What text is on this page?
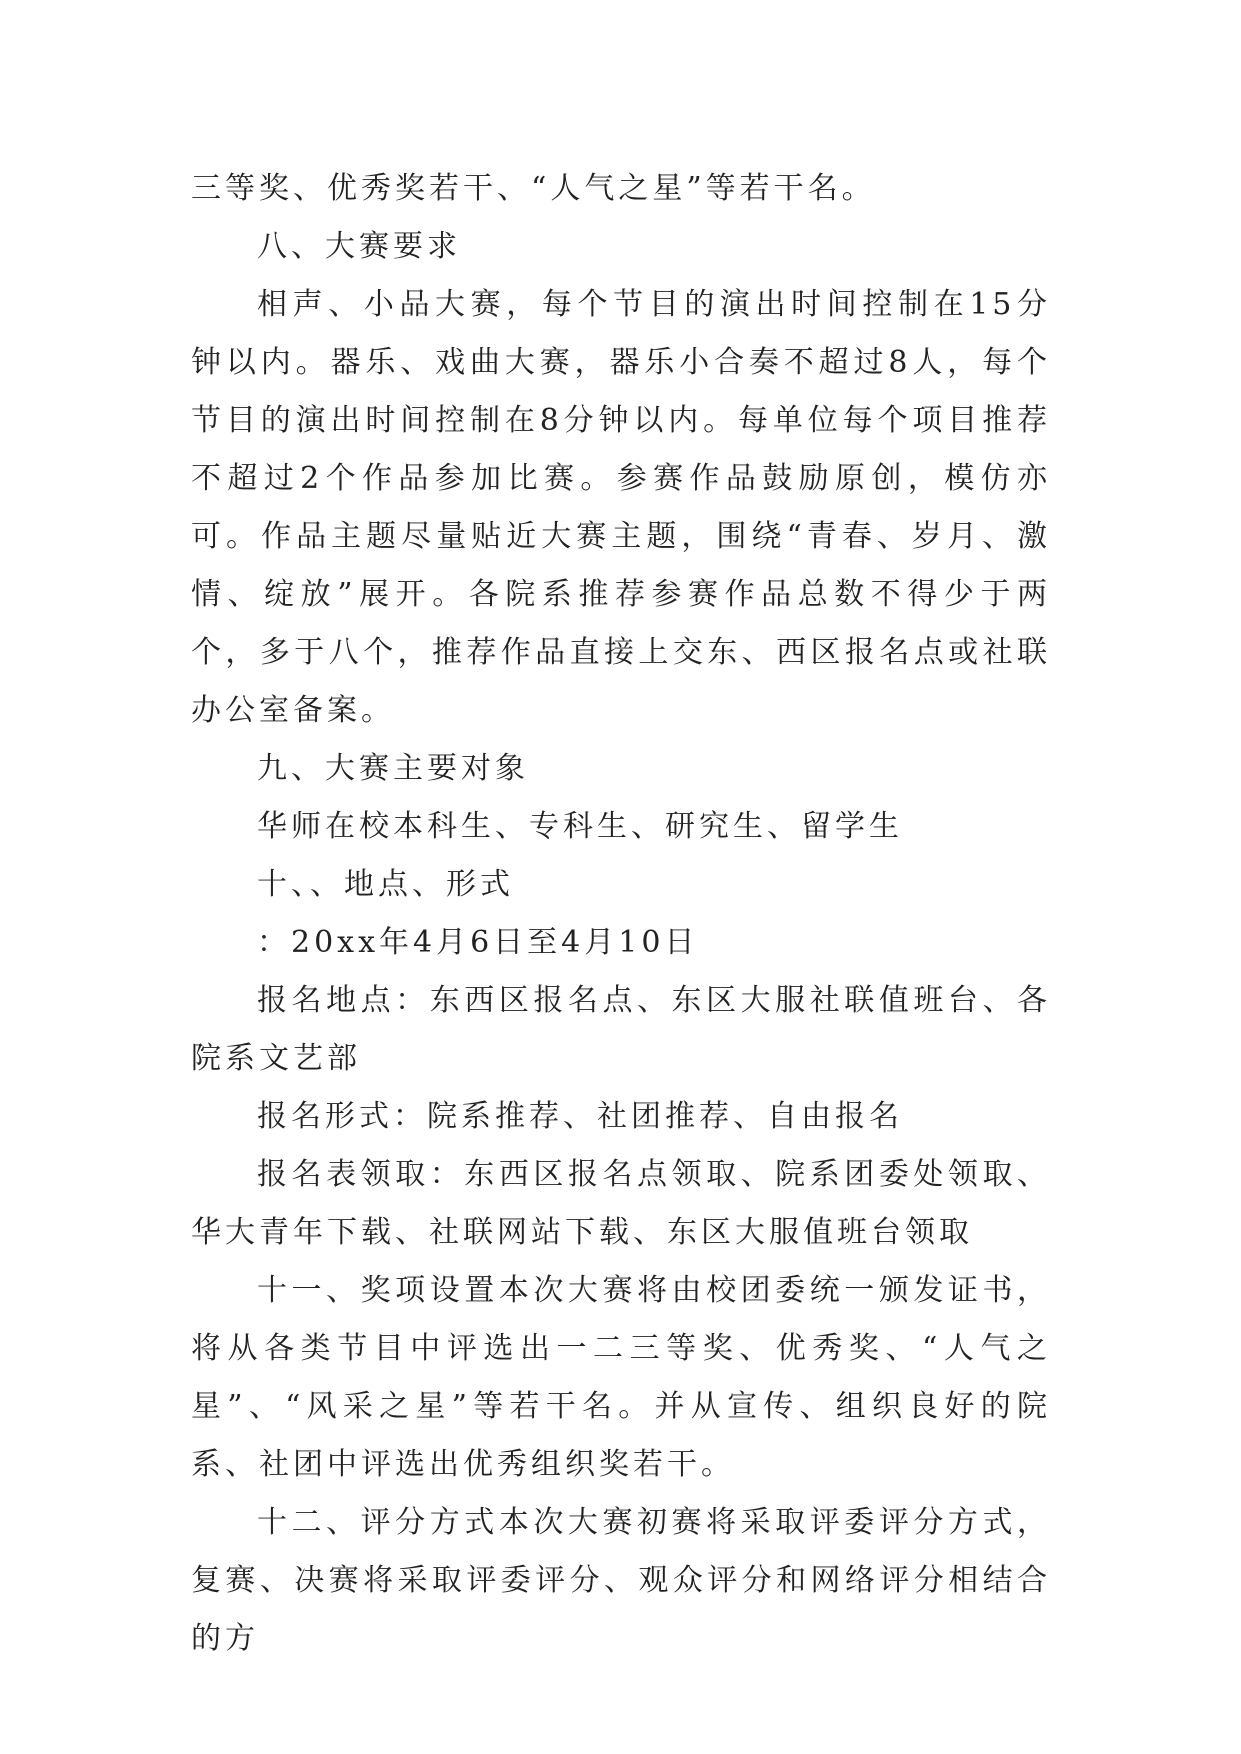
三等奖、优秀奖若干、“人气之星”等若干名。

八、大赛要求

相声、小品大赛，每个节目的演出时间控制在15分钟以内。器乐、戏曲大赛，器乐小合奏不超过8人，每个节目的演出时间控制在8分钟以内。每单位每个项目推荐不超过2个作品参加比赛。参赛作品鼓励原创，模仿亦可。作品主题尽量贴近大赛主题，围绕“青春、岁月、激情、绽放”展开。各院系推荐参赛作品总数不得少于两个，多于八个，推荐作品直接上交东、西区报名点或社联办公室备案。

九、大赛主要对象

华师在校本科生、专科生、研究生、留学生

十、、地点、形式

：20xx年4月6日至4月10日

报名地点：东西区报名点、东区大服社联值班台、各院系文艺部

报名形式：院系推荐、社团推荐、自由报名

报名表领取：东西区报名点领取、院系团委处领取、华大青年下载、社联网站下载、东区大服值班台领取

十一、奖项设置本次大赛将由校团委统一颁发证书，将从各类节目中评选出一二三等奖、优秀奖、“人气之星”、“风采之星”等若干名。并从宣传、组织良好的院系、社团中评选出优秀组织奖若干。

十二、评分方式本次大赛初赛将采取评委评分方式，复赛、决赛将采取评委评分、观众评分和网络评分相结合的方
